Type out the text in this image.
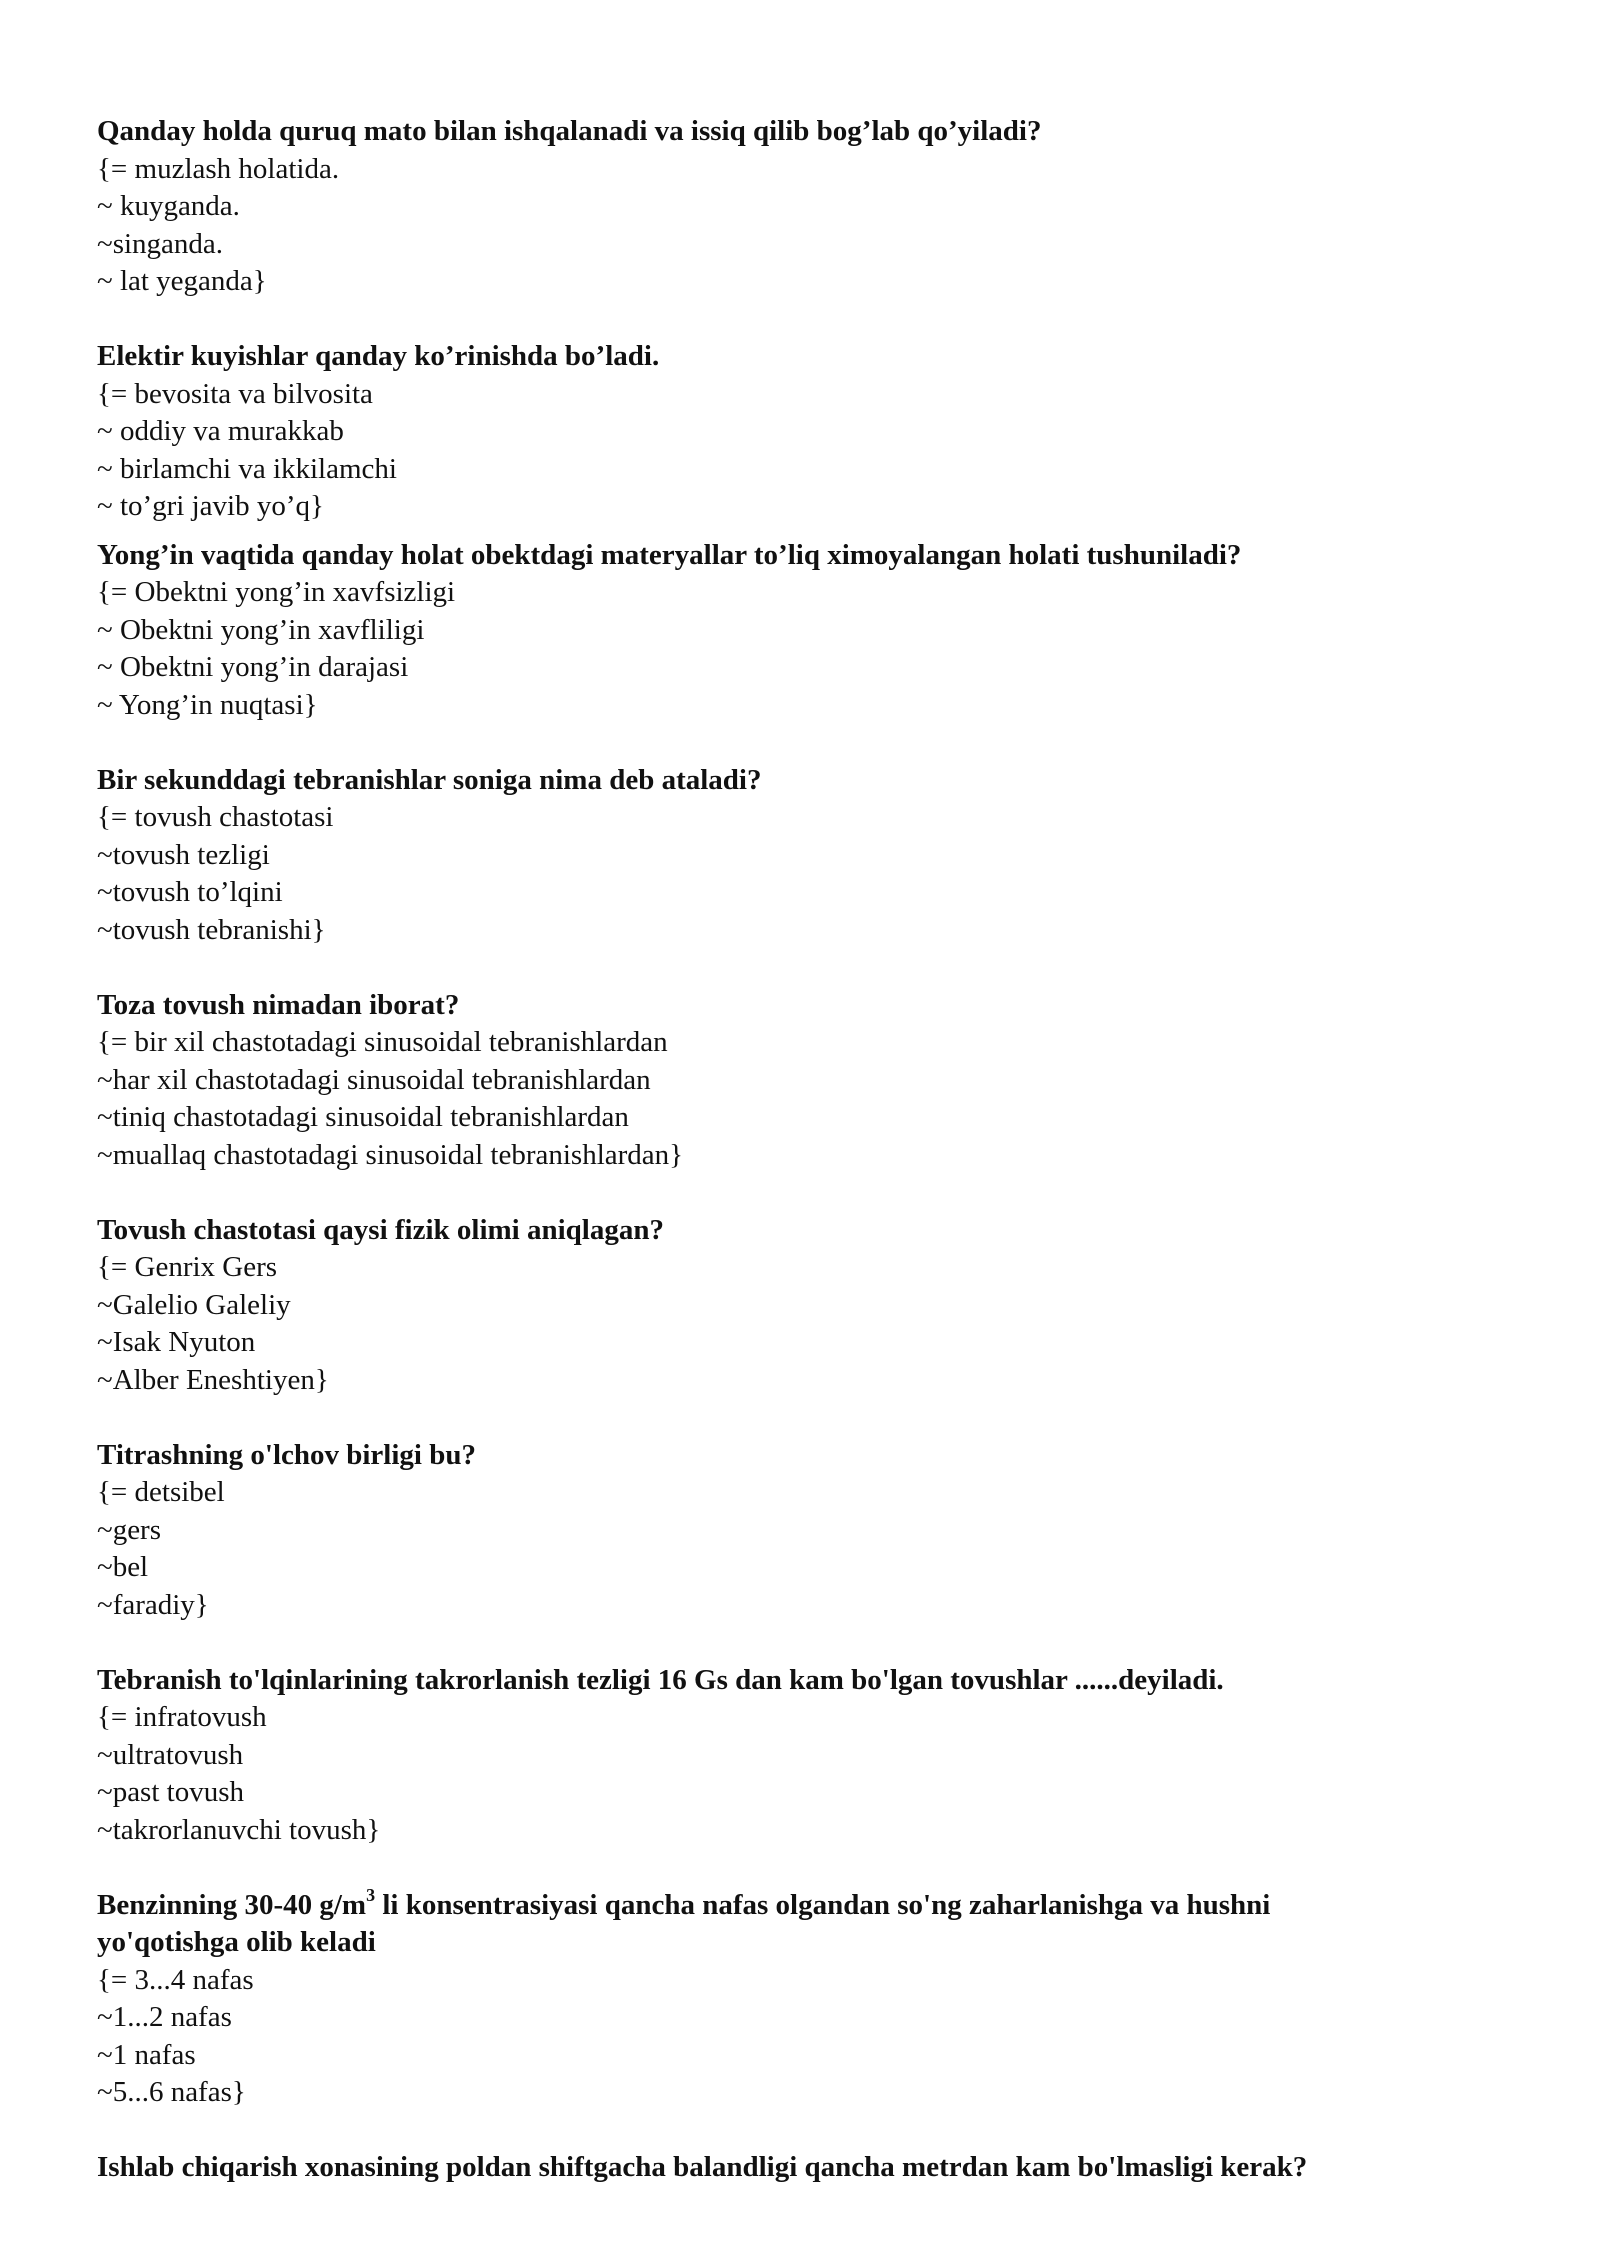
Qanday holda quruq mato bilan ishqalanadi va issiq qilib bog’lab qo’yiladi?

{= muzlash holatida.

~ kuyganda.

~singanda.

~ lat yeganda}

Elektir kuyishlar qanday ko’rinishda bo’ladi.

{= bevosita va bilvosita

~ oddiy va murakkab

~ birlamchi va ikkilamchi

~ to’gri javib yo’q}

Yong’in vaqtida qanday holat obektdagi materyallar to’liq ximoyalangan holati tushuniladi?

{= Obektni yong’in xavfsizligi

~ Obektni yong’in xavfliligi

~ Obektni yong’in darajasi

~ Yong’in nuqtasi}

Bir sekunddagi tebranishlar soniga nima deb ataladi?

{= tovush chastotasi

~tovush tezligi

~tovush to’lqini

~tovush tebranishi}

Toza tovush nimadan iborat?

{= bir xil chastotadagi sinusoidal tebranishlardan

~har xil chastotadagi sinusoidal tebranishlardan

~tiniq chastotadagi sinusoidal tebranishlardan

~muallaq chastotadagi sinusoidal tebranishlardan}

Tovush chastotasi qaysi fizik olimi aniqlagan?

{= Genrix Gers

~Galelio Galeliy

~Isak Nyuton

~Alber Eneshtiyen}

Titrashning o'lchov birligi bu?

{= detsibel

~gers

~bel

~faradiy}

Tebranish to'lqinlarining takrorlanish tezligi 16 Gs dan kam bo'lgan tovushlar ......deyiladi.

{= infratovush

~ultratovush

~past tovush

~takrorlanuvchi tovush}

Benzinning 30-40 $g/m^3$ li konsentrasiyasi qancha nafas olgandan so'ng zaharlanishga va hushni

yo'qotishga olib keladi

{= 3...4 nafas

~1...2 nafas

~1 nafas

~5...6 nafas}

Ishlab chiqarish xonasining poldan shiftgacha balandligi qancha metrdan kam bo'lmasligi kerak?
